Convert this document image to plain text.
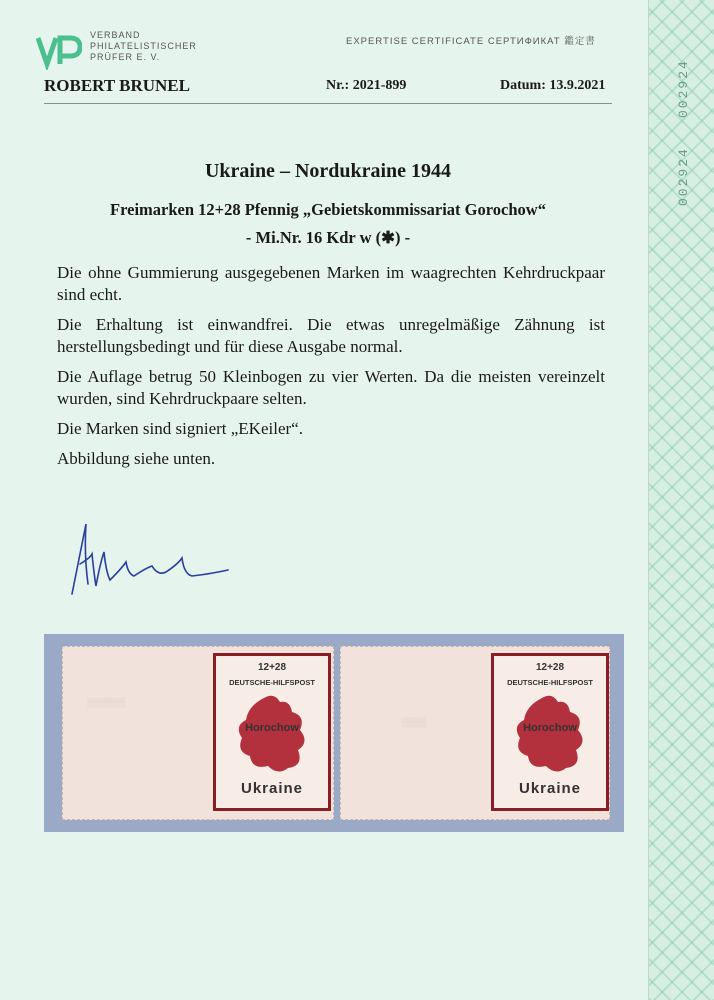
002924
002924
VERBAND
PHILATELISTISCHER
PRÜFER E. V.
EXPERTISE CERTIFICATE СЕРТИФИКАТ 鑑定書
ROBERT BRUNEL	Nr.: 2021-899	Datum: 13.9.2021
Ukraine – Nordukraine 1944
Freimarken 12+28 Pfennig „Gebietskommissariat Gorochow“
- Mi.Nr. 16 Kdr w (✱) -

Die ohne Gummierung ausgegebenen Marken im waagrechten Kehrdruckpaar sind echt.

Die Erhaltung ist einwandfrei. Die etwas unregelmäßige Zähnung ist herstellungsbedingt und für diese Ausgabe normal.

Die Auflage betrug 50 Kleinbogen zu vier Werten. Da die meisten vereinzelt wurden, sind Kehrdruckpaare selten.

Die Marken sind signiert „EKeiler“.

Abbildung siehe unten.

▒▒▒▒▒▒
12+28
DEUTSCHE-HILFSPOST
Horochow
Ukraine
▒▒▒▒
12+28
DEUTSCHE-HILFSPOST
Horochow
Ukraine
